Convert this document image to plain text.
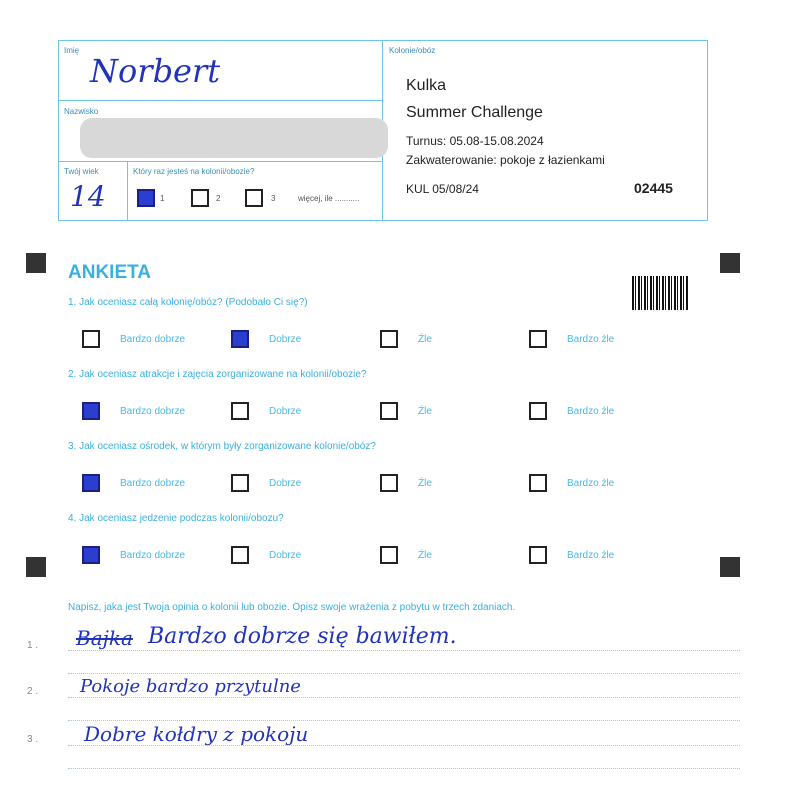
Imię
Norbert
Nazwisko
Twój wiek
14
Który raz jesteś na kolonii/obozie?
1	2	3	więcej, ile ...........
Kolonie/obóz
Kulka
Summer Challenge
Turnus: 05.08-15.08.2024
Zakwaterowanie: pokoje z łazienkami
KUL 05/08/24	02445
ANKIETA
1. Jak oceniasz całą kolonię/obóz? (Podobało Ci się?)
Bardzo dobrze	Dobrze	Źle	Bardzo źle
2. Jak oceniasz atrakcje i zajęcia zorganizowane na kolonii/obozie?
Bardzo dobrze	Dobrze	Źle	Bardzo źle
3. Jak oceniasz ośrodek, w którym były zorganizowane kolonie/obóz?
Bardzo dobrze	Dobrze	Źle	Bardzo źle
4. Jak oceniasz jedzenie podczas kolonii/obozu?
Bardzo dobrze	Dobrze	Źle	Bardzo źle
Napisz, jaka jest Twoja opinia o kolonii lub obozie. Opisz swoje wrażenia z pobytu w trzech zdaniach.
1 .
2 .
3 .
Bajka Bardzo dobrze się bawiłem.
Pokoje bardzo przytulne
Dobre kołdry z pokoju
